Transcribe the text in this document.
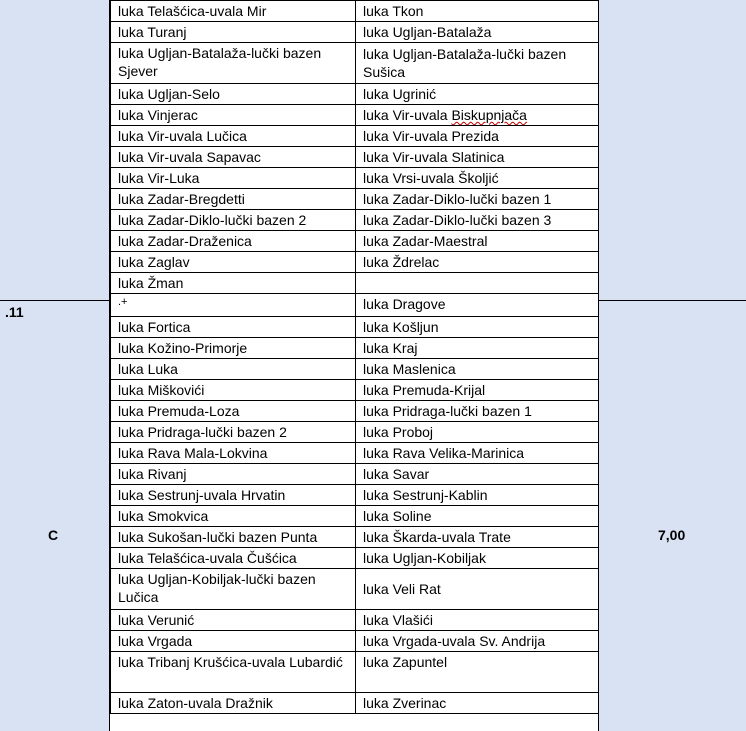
.11
C	7,00
luka Telašćica-uvala Mir	luka Tkon
luka Turanj	luka Ugljan-Batalaža
luka Ugljan-Batalaža-lučki bazen Sjever	luka Ugljan-Batalaža-lučki bazen Sušica
luka Ugljan-Selo	luka Ugrinić
luka Vinjerac	luka Vir-uvala Biskupnjača
luka Vir-uvala Lučica	luka Vir-uvala Prezida
luka Vir-uvala Sapavac	luka Vir-uvala Slatinica
luka Vir-Luka	luka Vrsi-uvala Školjić
luka Zadar-Bregdetti	luka Zadar-Diklo-lučki bazen 1
luka Zadar-Diklo-lučki bazen 2	luka Zadar-Diklo-lučki bazen 3
luka Zadar-Draženica	luka Zadar-Maestral
luka Zaglav	luka Ždrelac
luka Žman	
.+	luka Dragove
luka Fortica	luka Košljun
luka Kožino-Primorje	luka Kraj
luka Luka	luka Maslenica
luka Miškovići	luka Premuda-Krijal
luka Premuda-Loza	luka Pridraga-lučki bazen 1
luka Pridraga-lučki bazen 2	luka Proboj
luka Rava Mala-Lokvina	luka Rava Velika-Marinica
luka Rivanj	luka Savar
luka Sestrunj-uvala Hrvatin	luka Sestrunj-Kablin
luka Smokvica	luka Soline
luka Sukošan-lučki bazen Punta	luka Škarda-uvala Trate
luka Telašćica-uvala Čušćica	luka Ugljan-Kobiljak
luka Ugljan-Kobiljak-lučki bazen Lučica	luka Veli Rat
luka Verunić	luka Vlašići
luka Vrgada	luka Vrgada-uvala Sv. Andrija
luka Tribanj Krušćica-uvala Lubardić	luka Zapuntel
luka Zaton-uvala Dražnik	luka Zverinac
